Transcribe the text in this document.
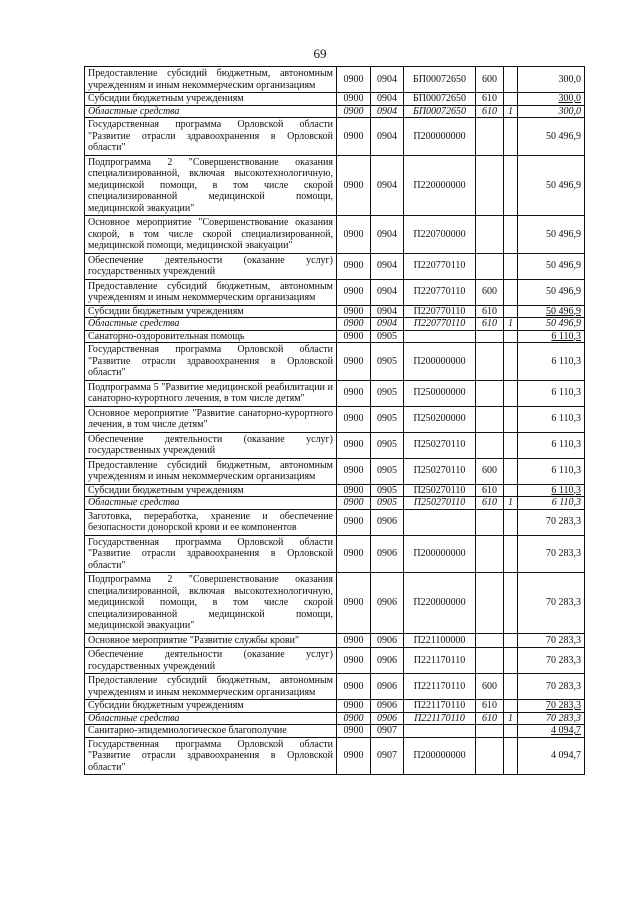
69
Предоставление субсидий бюджетным, автономным учреждениям и иным некоммерческим организациям	0900	0904	БП00072650	600		300,0
Субсидии бюджетным учреждениям	0900	0904	БП00072650	610		300,0
Областные средства	0900	0904	БП00072650	610	1	300,0
Государственная программа Орловской области "Развитие отрасли здравоохранения в Орловской области"	0900	0904	П200000000			50 496,9
Подпрограмма 2 "Совершенствование оказания специализированной, включая высокотехнологичную, медицинской помощи, в том числе скорой специализированной медицинской помощи, медицинской эвакуации"	0900	0904	П220000000			50 496,9
Основное мероприятие "Совершенствование оказания скорой, в том числе скорой специализированной, медицинской помощи, медицинской эвакуации"	0900	0904	П220700000			50 496,9
Обеспечение деятельности (оказание услуг) государственных учреждений	0900	0904	П220770110			50 496,9
Предоставление субсидий бюджетным, автономным учреждениям и иным некоммерческим организациям	0900	0904	П220770110	600		50 496,9
Субсидии бюджетным учреждениям	0900	0904	П220770110	610		50 496,9
Областные средства	0900	0904	П220770110	610	1	50 496,9
Санаторно-оздоровительная помощь	0900	0905				6 110,3
Государственная программа Орловской области "Развитие отрасли здравоохранения в Орловской области"	0900	0905	П200000000			6 110,3
Подпрограмма 5 "Развитие медицинской реабилитации и санаторно-курортного лечения, в том числе детям"	0900	0905	П250000000			6 110,3
Основное мероприятие "Развитие санаторно-курортного лечения, в том числе детям"	0900	0905	П250200000			6 110,3
Обеспечение деятельности (оказание услуг) государственных учреждений	0900	0905	П250270110			6 110,3
Предоставление субсидий бюджетным, автономным учреждениям и иным некоммерческим организациям	0900	0905	П250270110	600		6 110,3
Субсидии бюджетным учреждениям	0900	0905	П250270110	610		6 110,3
Областные средства	0900	0905	П250270110	610	1	6 110,3
Заготовка, переработка, хранение и обеспечение безопасности донорской крови и ее компонентов	0900	0906				70 283,3
Государственная программа Орловской области "Развитие отрасли здравоохранения в Орловской области"	0900	0906	П200000000			70 283,3
Подпрограмма 2 "Совершенствование оказания специализированной, включая высокотехнологичную, медицинской помощи, в том числе скорой специализированной медицинской помощи, медицинской эвакуации"	0900	0906	П220000000			70 283,3
Основное мероприятие "Развитие службы крови"	0900	0906	П221100000			70 283,3
Обеспечение деятельности (оказание услуг) государственных учреждений	0900	0906	П221170110			70 283,3
Предоставление субсидий бюджетным, автономным учреждениям и иным некоммерческим организациям	0900	0906	П221170110	600		70 283,3
Субсидии бюджетным учреждениям	0900	0906	П221170110	610		70 283,3
Областные средства	0900	0906	П221170110	610	1	70 283,3
Санитарно-эпидемиологическое благополучие	0900	0907				4 094,7
Государственная программа Орловской области "Развитие отрасли здравоохранения в Орловской области"	0900	0907	П200000000			4 094,7
